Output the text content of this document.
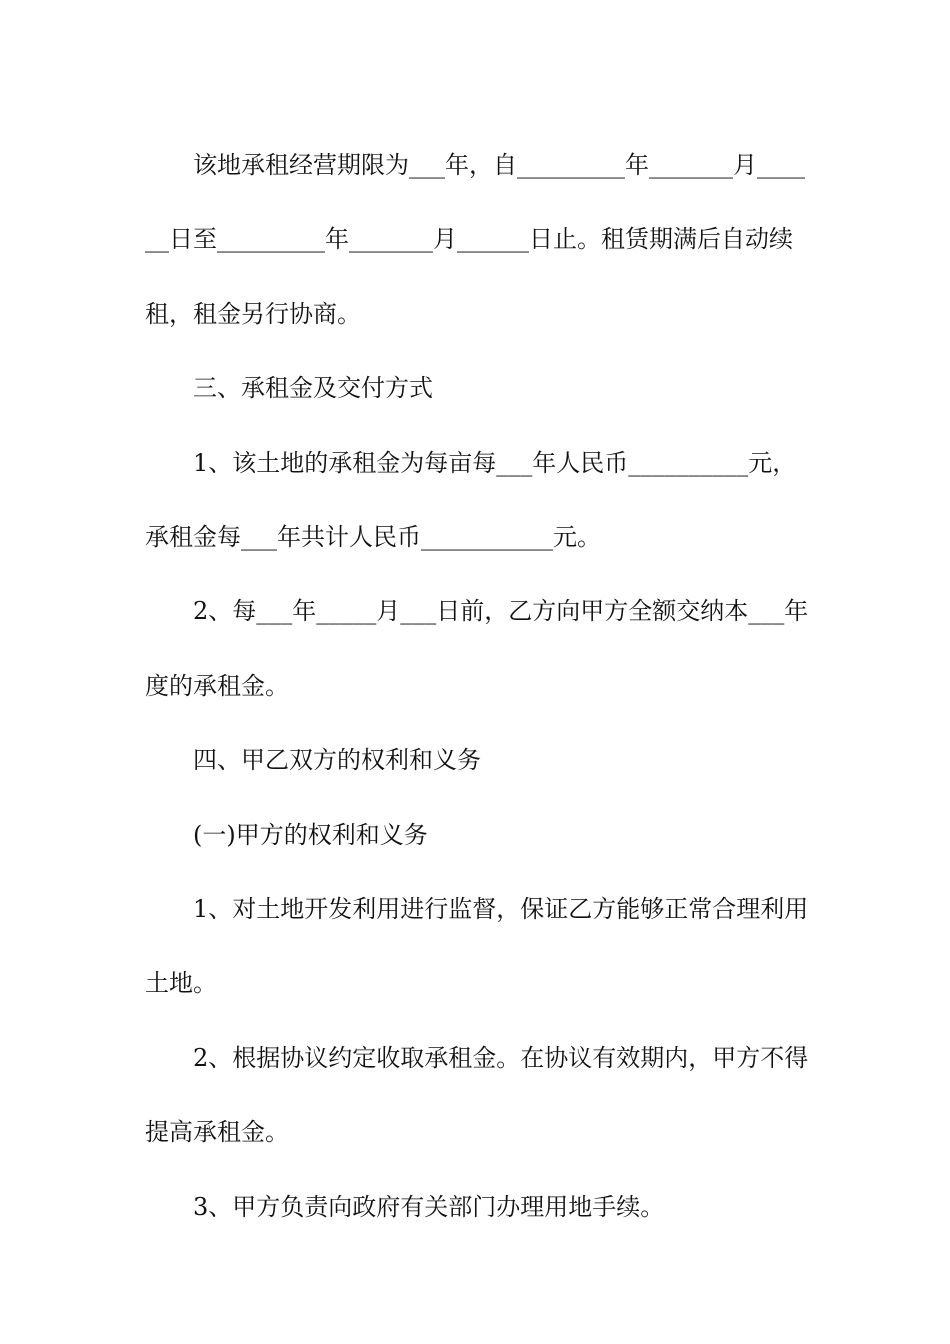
该地承租经营期限为___年，自_________年_______月____

__日至_________年_______月______日止。租赁期满后自动续

租，租金另行协商。

三、承租金及交付方式

1、该土地的承租金为每亩每___年人民币__________元，

承租金每___年共计人民币___________元。

2、每___年_____月___日前，乙方向甲方全额交纳本___年

度的承租金。

四、甲乙双方的权利和义务

(一)甲方的权利和义务

1、对土地开发利用进行监督，保证乙方能够正常合理利用

土地。

2、根据协议约定收取承租金。在协议有效期内，甲方不得

提高承租金。

3、甲方负责向政府有关部门办理用地手续。
